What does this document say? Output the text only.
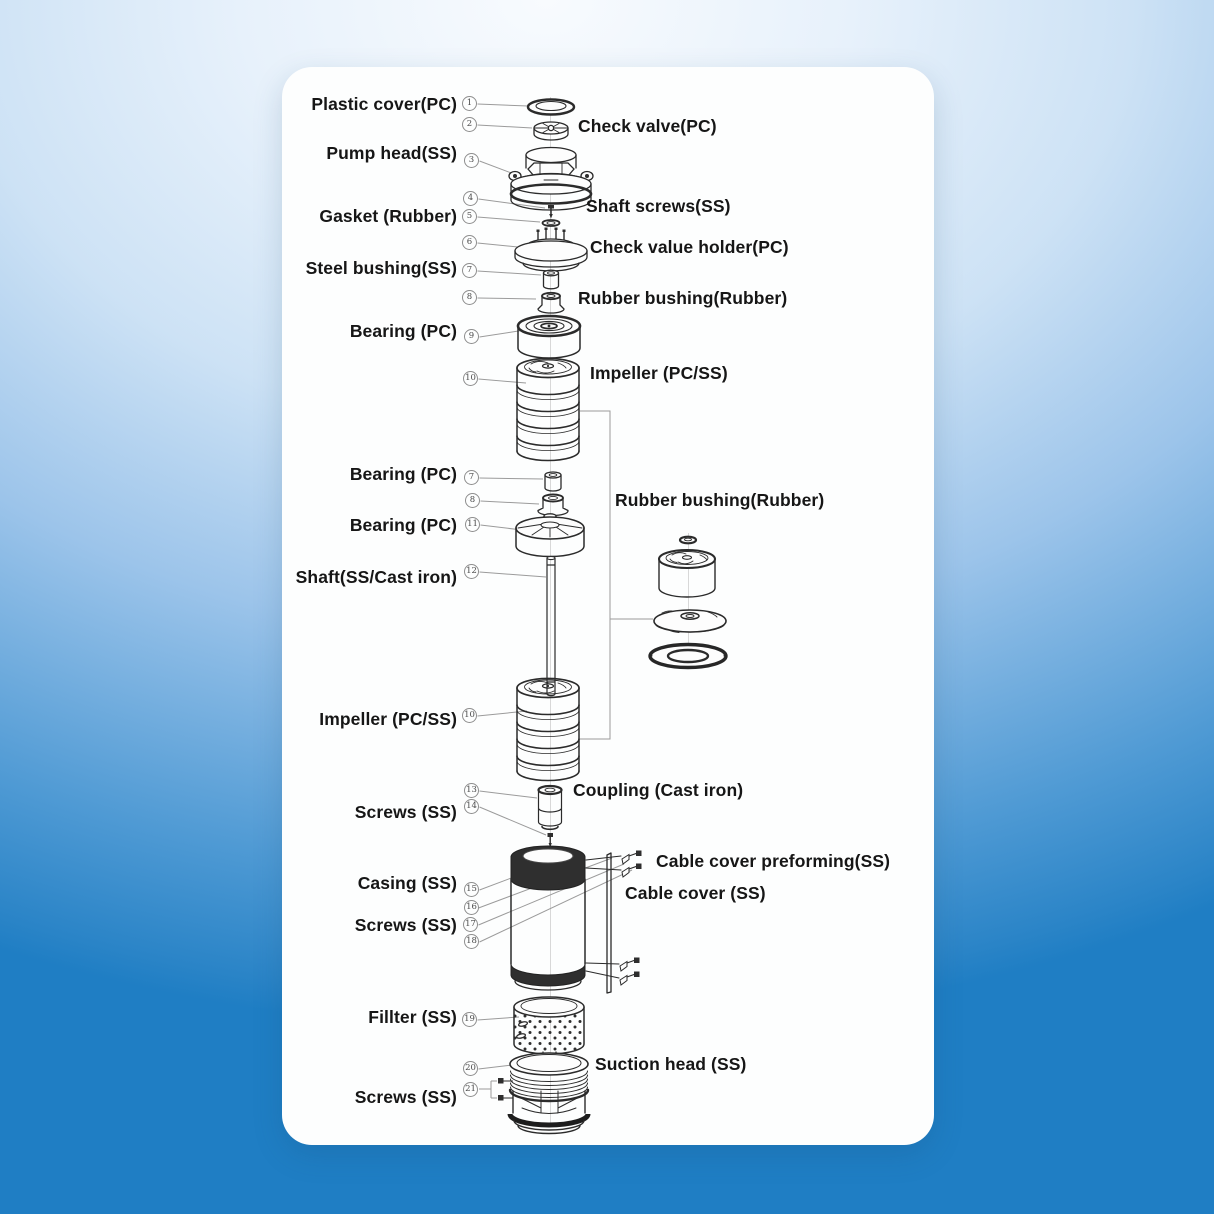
Plastic cover(PC)
Pump head(SS)
Gasket (Rubber)
Steel bushing(SS)
Bearing (PC)
Bearing (PC)
Bearing (PC)
Shaft(SS/Cast iron)
Impeller (PC/SS)
Screws (SS)
Casing (SS)
Screws (SS)
Fillter (SS)
Screws (SS)
Check valve(PC)
Shaft screws(SS)
Check value holder(PC)
Rubber bushing(Rubber)
Impeller (PC/SS)
Rubber bushing(Rubber)
Coupling (Cast iron)
Cable cover preforming(SS)
Cable cover (SS)
Suction head (SS)
1
2
3
4
5
6
7
8
9
10
7
8
11
12
10
13
14
15
16
17
18
19
20
21
